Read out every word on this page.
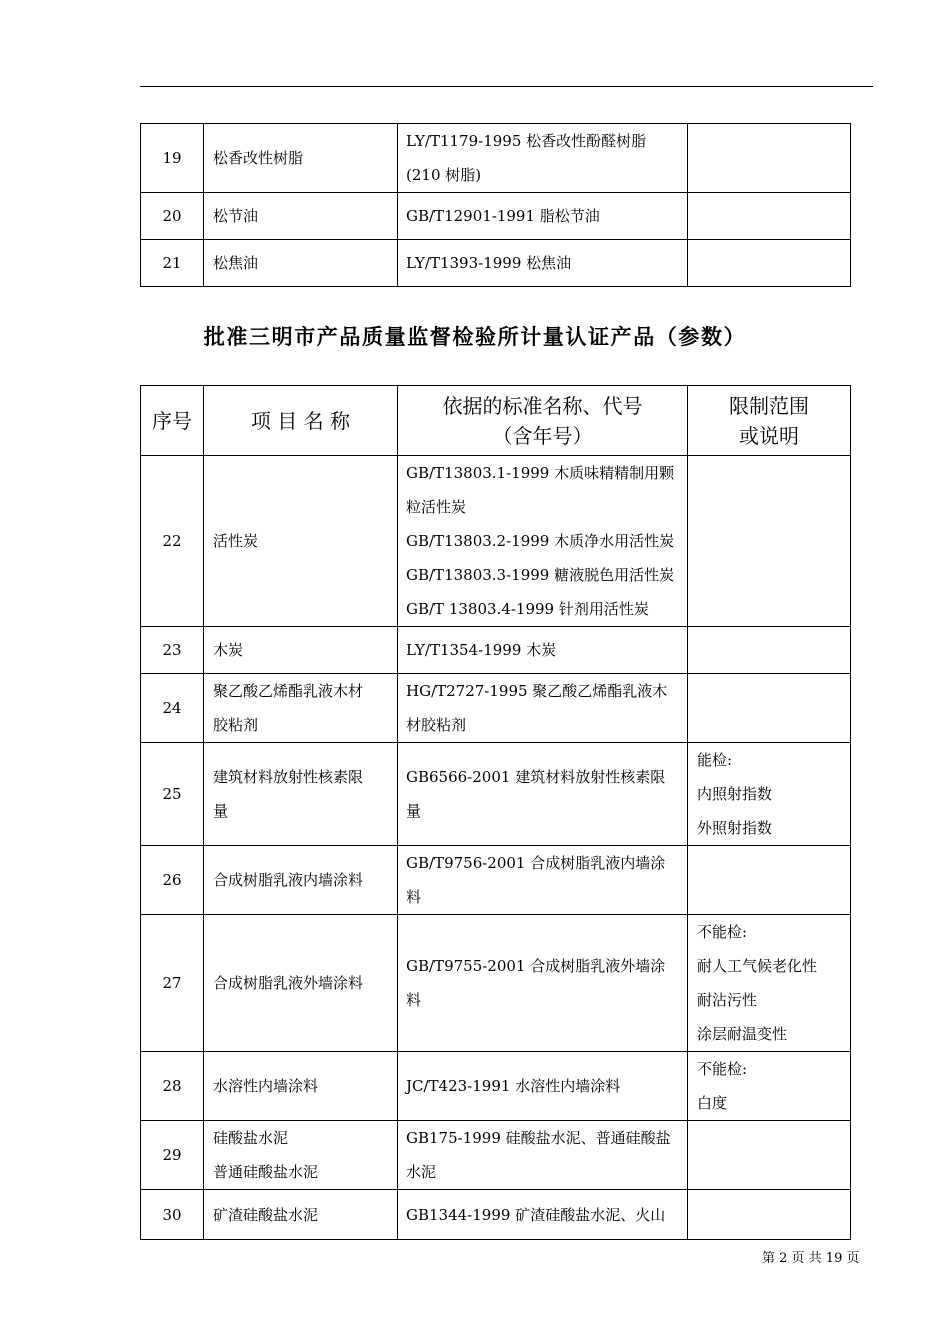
19	松香改性树脂	LY/T1179-1995 松香改性酚醛树脂
(210 树脂)	

20	松节油	GB/T12901-1991 脂松节油	

21	松焦油	LY/T1393-1999 松焦油	

批准三明市产品质量监督检验所计量认证产品（参数）
序号	项 目 名 称	依据的标准名称、代号
（含年号）	限制范围
或说明

22	活性炭	GB/T13803.1-1999 木质味精精制用颗
粒活性炭
GB/T13803.2-1999 木质净水用活性炭
GB/T13803.3-1999 糖液脱色用活性炭
GB/T 13803.4-1999 针剂用活性炭	

23	木炭	LY/T1354-1999 木炭	

24	聚乙酸乙烯酯乳液木材
胶粘剂	HG/T2727-1995 聚乙酸乙烯酯乳液木
材胶粘剂	

25	建筑材料放射性核素限
量	GB6566-2001 建筑材料放射性核素限
量	能检:
内照射指数
外照射指数

26	合成树脂乳液内墙涂料	GB/T9756-2001 合成树脂乳液内墙涂
料	

27	合成树脂乳液外墙涂料	GB/T9755-2001 合成树脂乳液外墙涂
料	不能检:
耐人工气候老化性
耐沾污性
涂层耐温变性

28	水溶性内墙涂料	JC/T423-1991 水溶性内墙涂料	不能检:
白度

29	硅酸盐水泥
普通硅酸盐水泥	GB175-1999 硅酸盐水泥、普通硅酸盐
水泥	

30	矿渣硅酸盐水泥	GB1344-1999 矿渣硅酸盐水泥、火山	

第 2 页 共 19 页
